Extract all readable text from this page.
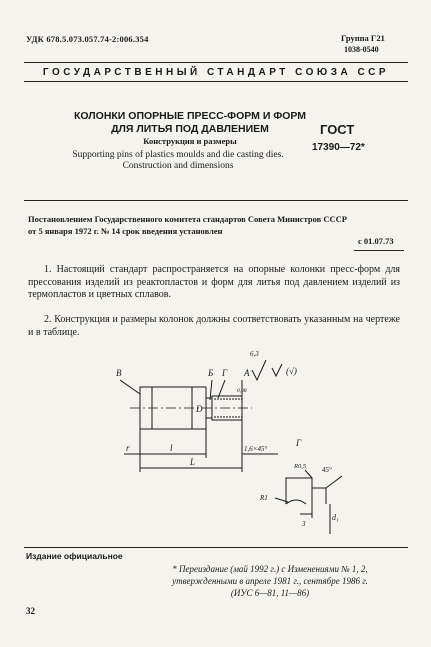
УДК 678.5.073.057.74-2:006.354	Группа Г21
1038-0540
ГОСУДАРСТВЕННЫЙ СТАНДАРТ СОЮЗА ССР
КОЛОНКИ ОПОРНЫЕ ПРЕСС-ФОРМ И ФОРМ
ДЛЯ ЛИТЬЯ ПОД ДАВЛЕНИЕМ
Конструкция и размеры
Supporting pins of plastics moulds and die casting dies.
Construction and dimensions
ГОСТ
17390—72*
Постановлением Государственного комитета стандартов Совета Министров СССР
от 5 января 1972 г. № 14 срок введения установлен
с 01.07.73

1. Настоящий стандарт распространяется на опорные колонки пресс-форм для прессования изделий из реактопластов и форм для литья под давлением изделий из термопластов и цветных сплавов.

2. Конструкция и размеры колонок должны соответствовать указанным на чертеже и в таблице.

6,3
(√)
В	Б Г А
0,08
D
l
L
1,6×45°
r	Г
R0,5 45°
R1
3
d₁
Издание официальное
* Переиздание (май 1992 г.) с Изменениями № 1, 2,
утвержденными в апреле 1981 г., сентябре 1986 г.
(ИУС 6—81, 11—86)
32
